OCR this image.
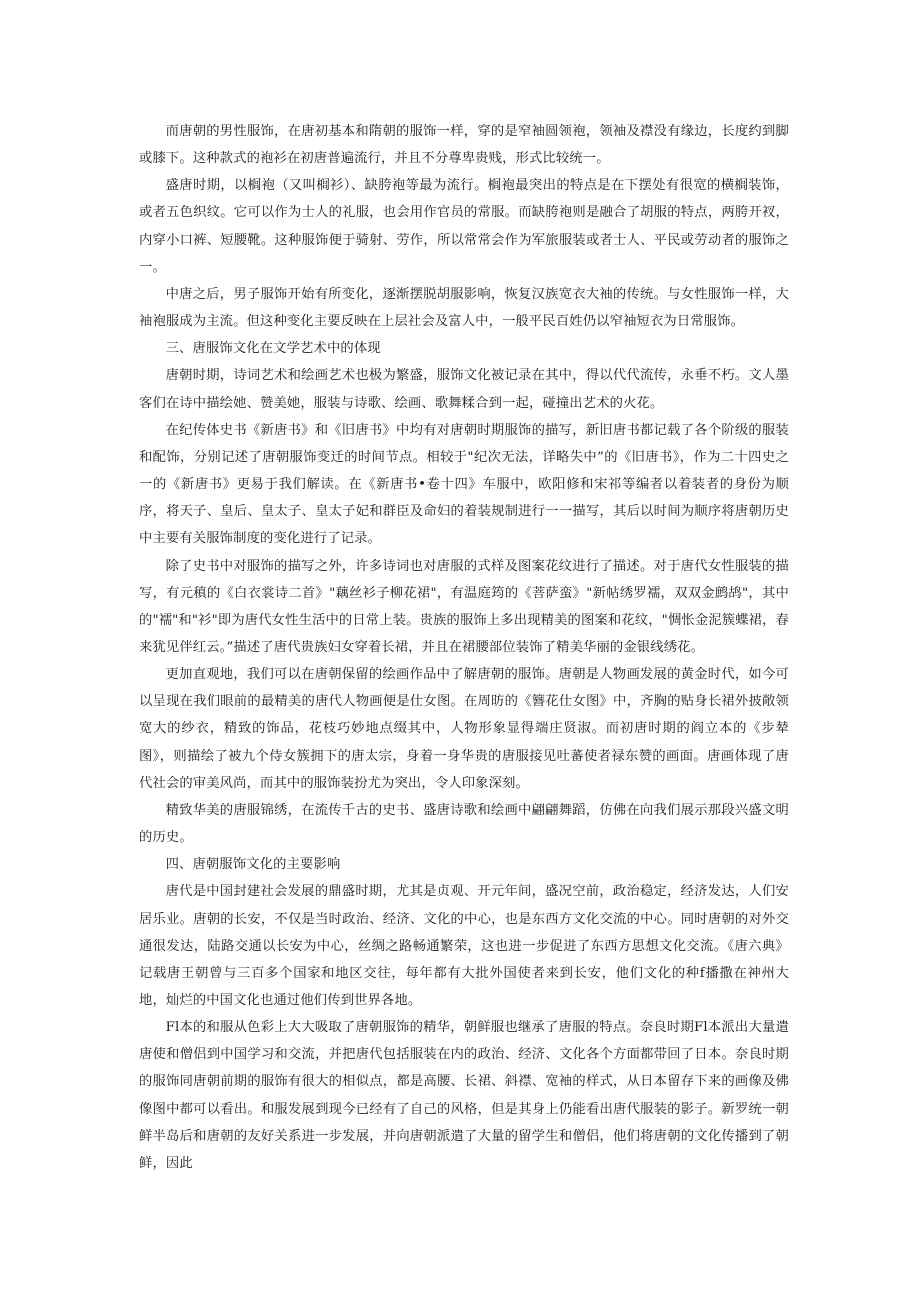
而唐朝的男性服饰，在唐初基本和隋朝的服饰一样，穿的是窄袖圆领袍，领袖及襟没有缘边，长度约到脚或膝下。这种款式的袍衫在初唐普遍流行，并且不分尊卑贵贱，形式比较统一。

盛唐时期，以榈袍（又叫榈衫）、缺胯袍等最为流行。榈袍最突出的特点是在下摆处有很宽的横榈装饰，或者五色织纹。它可以作为士人的礼服，也会用作官员的常服。而缺胯袍则是融合了胡服的特点，两胯开衩，内穿小口裤、短腰靴。这种服饰便于骑射、劳作，所以常常会作为军旅服装或者士人、平民或劳动者的服饰之一。

中唐之后，男子服饰开始有所变化，逐渐摆脱胡服影响，恢复汉族宽衣大袖的传统。与女性服饰一样，大袖袍服成为主流。但这种变化主要反映在上层社会及富人中，一般平民百姓仍以窄袖短衣为日常服饰。

三、唐服饰文化在文学艺术中的体现

唐朝时期，诗词艺术和绘画艺术也极为繁盛，服饰文化被记录在其中，得以代代流传，永垂不朽。文人墨客们在诗中描绘她、赞美她，服装与诗歌、绘画、歌舞糅合到一起，碰撞出艺术的火花。

在纪传体史书《新唐书》和《旧唐书》中均有对唐朝时期服饰的描写，新旧唐书都记载了各个阶级的服装和配饰，分别记述了唐朝服饰变迁的时间节点。相较于"纪次无法，详略失中”的《旧唐书》，作为二十四史之一的《新唐书》更易于我们解读。在《新唐书•卷十四》车服中，欧阳修和宋祁等编者以着装者的身份为顺序，将天子、皇后、皇太子、皇太子妃和群臣及命妇的着装规制进行一一描写，其后以时间为顺序将唐朝历史中主要有关服饰制度的变化进行了记录。

除了史书中对服饰的描写之外，许多诗词也对唐服的式样及图案花纹进行了描述。对于唐代女性服装的描写，有元稹的《白衣裳诗二首》"藕丝衫子柳花裙"，有温庭筠的《菩萨蛮》"新帖绣罗襦，双双金鹧鸪"，其中的"襦"和"衫"即为唐代女性生活中的日常上装。贵族的服饰上多出现精美的图案和花纹，"惆怅金泥簇蝶裙，春来犹见伴红云。”描述了唐代贵族妇女穿着长裙，并且在裙腰部位装饰了精美华丽的金银线绣花。

更加直观地，我们可以在唐朝保留的绘画作品中了解唐朝的服饰。唐朝是人物画发展的黄金时代，如今可以呈现在我们眼前的最精美的唐代人物画便是仕女图。在周昉的《簪花仕女图》中，齐胸的贴身长裙外披敞领宽大的纱衣，精致的饰品，花枝巧妙地点缀其中，人物形象显得端庄贤淑。而初唐时期的阎立本的《步辇图》，则描绘了被九个侍女簇拥下的唐太宗，身着一身华贵的唐服接见吐蕃使者禄东赞的画面。唐画体现了唐代社会的审美风尚，而其中的服饰装扮尤为突出，令人印象深刻。

精致华美的唐服锦绣，在流传千古的史书、盛唐诗歌和绘画中翩翩舞蹈，仿佛在向我们展示那段兴盛文明的历史。

四、唐朝服饰文化的主要影响

唐代是中国封建社会发展的鼎盛时期，尤其是贞观、开元年间，盛况空前，政治稳定，经济发达，人们安居乐业。唐朝的长安，不仅是当时政治、经济、文化的中心，也是东西方文化交流的中心。同时唐朝的对外交通很发达，陆路交通以长安为中心，丝绸之路畅通繁荣，这也进一步促进了东西方思想文化交流。《唐六典》记载唐王朝曾与三百多个国家和地区交往，每年都有大批外国使者来到长安，他们文化的种f播撒在神州大地，灿烂的中国文化也通过他们传到世界各地。

Fl本的和服从色彩上大大吸取了唐朝服饰的精华，朝鲜服也继承了唐服的特点。奈良时期Fl本派出大量遣唐使和僧侣到中国学习和交流，并把唐代包括服装在内的政治、经济、文化各个方面都带回了日本。奈良时期的服饰同唐朝前期的服饰有很大的相似点，都是高腰、长裙、斜襟、宽袖的样式，从日本留存下来的画像及佛像图中都可以看出。和服发展到现今已经有了自己的风格，但是其身上仍能看出唐代服装的影子。新罗统一朝鲜半岛后和唐朝的友好关系进一步发展，并向唐朝派遣了大量的留学生和僧侣，他们将唐朝的文化传播到了朝鲜，因此
